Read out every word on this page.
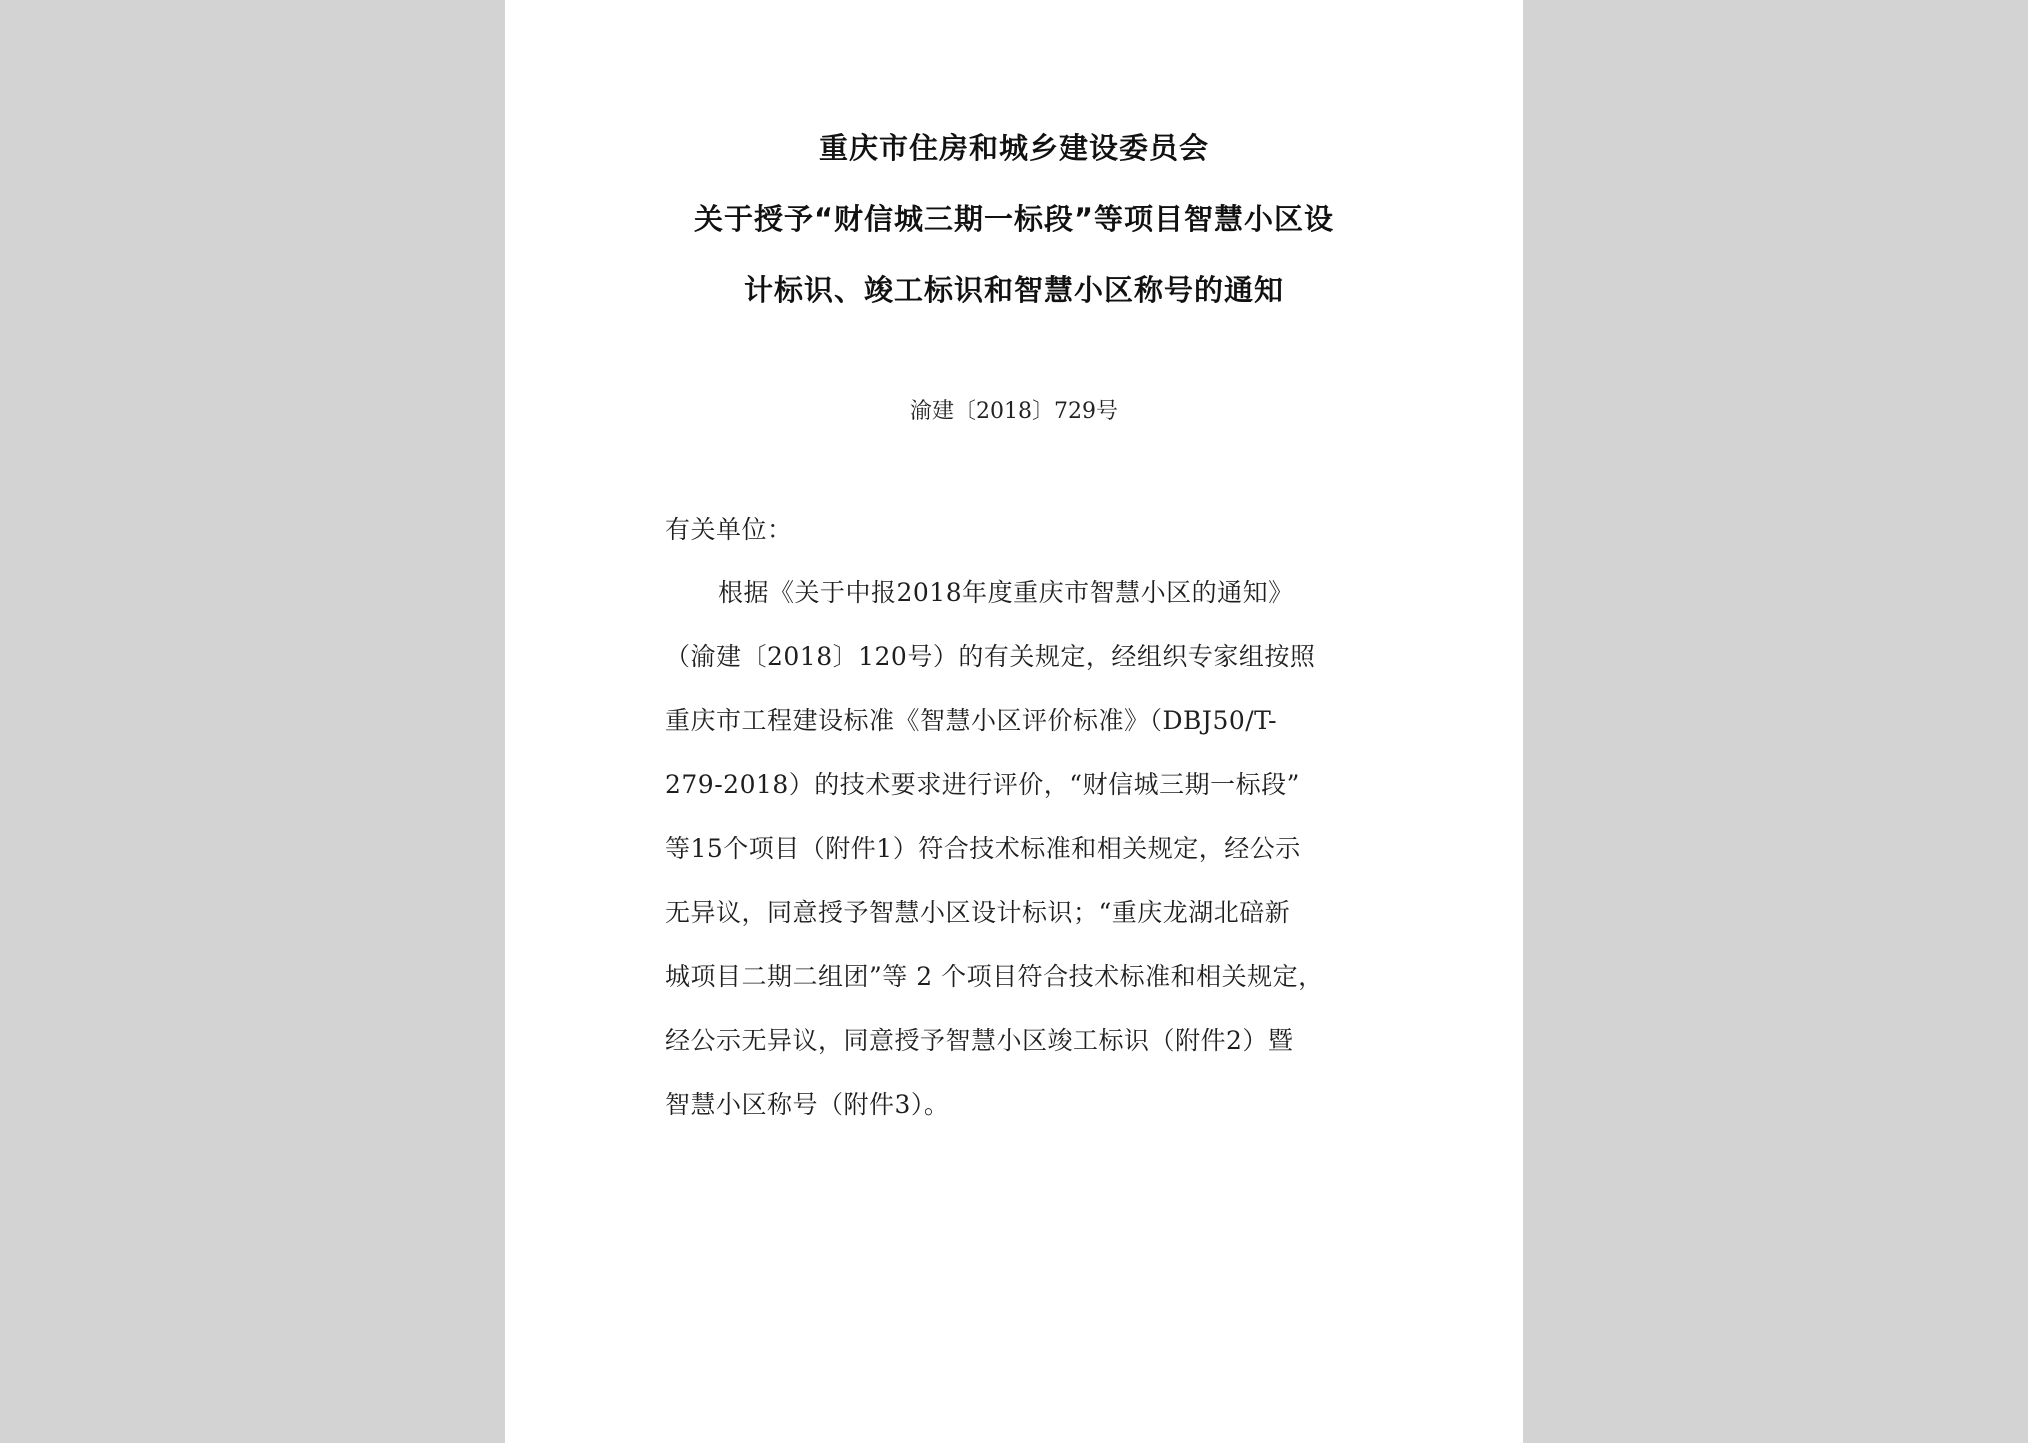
重庆市住房和城乡建设委员会
关于授予“财信城三期一标段”等项目智慧小区设
计标识、竣工标识和智慧小区称号的通知
渝建〔2018〕729号
有关单位：
根据《关于中报2018年度重庆市智慧小区的通知》
（渝建〔2018〕120号）的有关规定，经组织专家组按照
重庆市工程建设标准《智慧小区评价标准》（DBJ50/T-
279-2018）的技术要求进行评价，“财信城三期一标段”
等15个项目（附件1）符合技术标准和相关规定，经公示
无异议，同意授予智慧小区设计标识；“重庆龙湖北碚新
城项目二期二组团”等 2 个项目符合技术标准和相关规定，
经公示无异议，同意授予智慧小区竣工标识（附件2）暨
智慧小区称号（附件3）。
